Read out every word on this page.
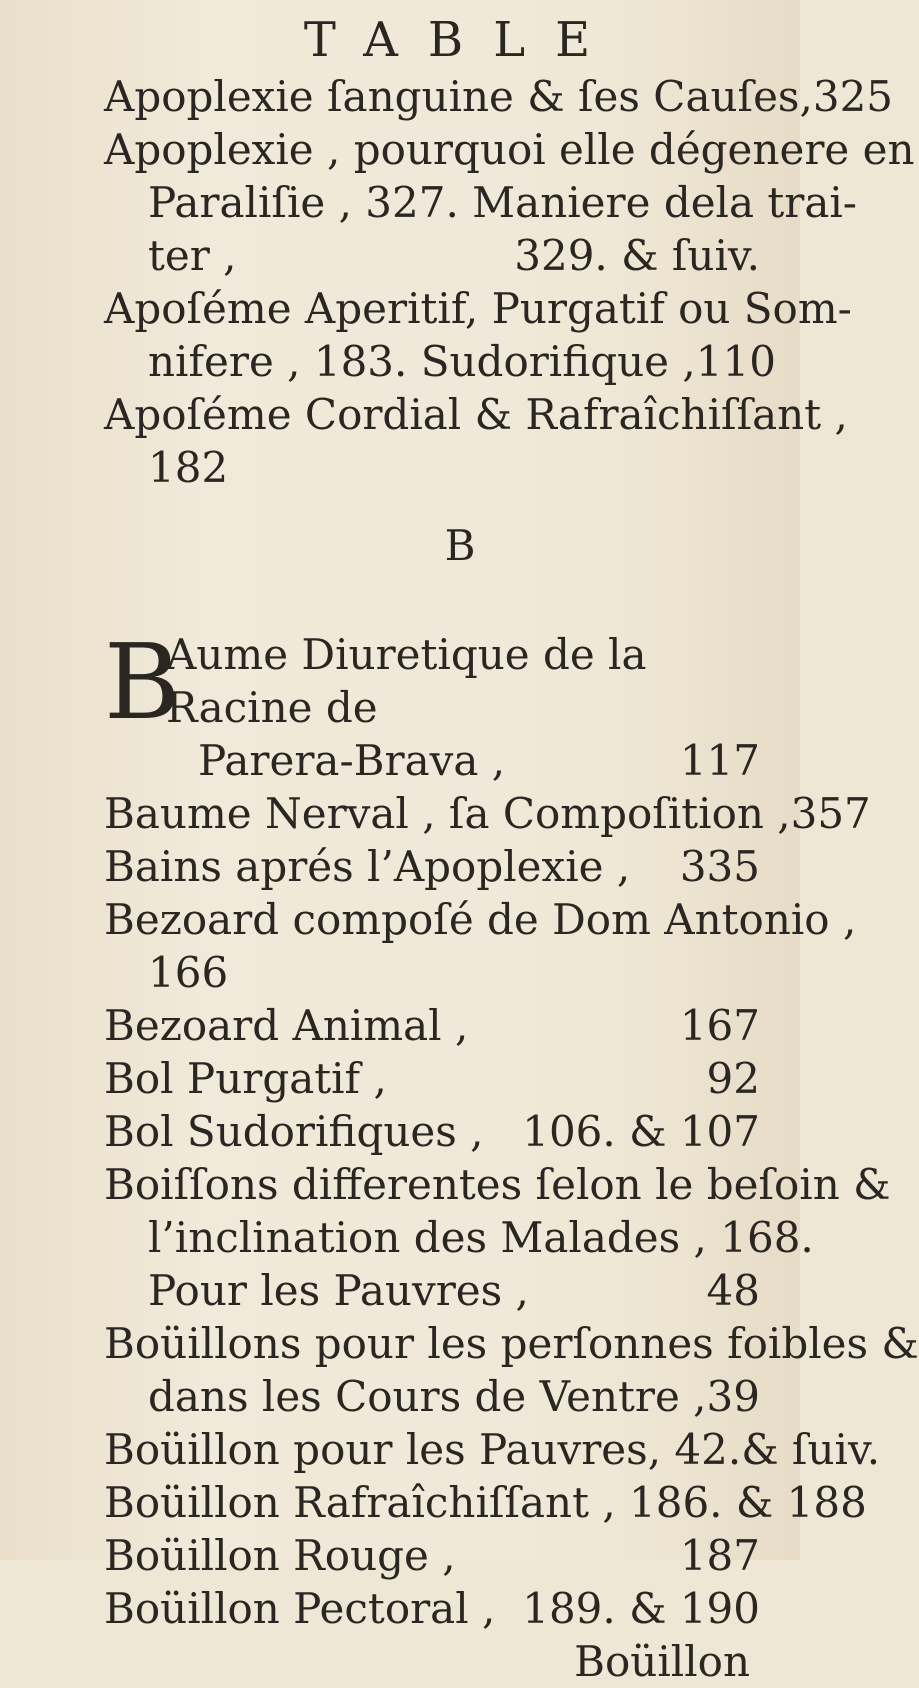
TABLE
Apoplexie ſanguine & ſes Cauſes, 325
Apoplexie , pourquoi elle dégenere en
Paraliſie , 327. Maniere dela trai-
ter ,	329. & ſuiv.
Apoſéme Aperitif, Purgatif ou Som-
nifere , 183. Sudorifique , 110
Apoſéme Cordial & Rafraîchiſſant ,
182
B
B
Aume Diuretique de la Racine de
Parera-Brava ,	117
Baume Nerval , ſa Compoſition , 357
Bains aprés l’Apoplexie , 335
Bezoard compoſé de Dom Antonio ,
166
Bezoard Animal ,	167
Bol Purgatif ,	92
Bol Sudorifiques , 106. & 107
Boiſſons differentes ſelon le beſoin &
l’inclination des Malades , 168.
Pour les Pauvres ,	48
Boüillons pour les perſonnes foibles &
dans les Cours de Ventre , 39
Boüillon pour les Pauvres, 42.& ſuiv.
Boüillon Rafraîchiſſant , 186. & 188
Boüillon Rouge ,	187
Boüillon Pectoral , 189. & 190
Boüillon
